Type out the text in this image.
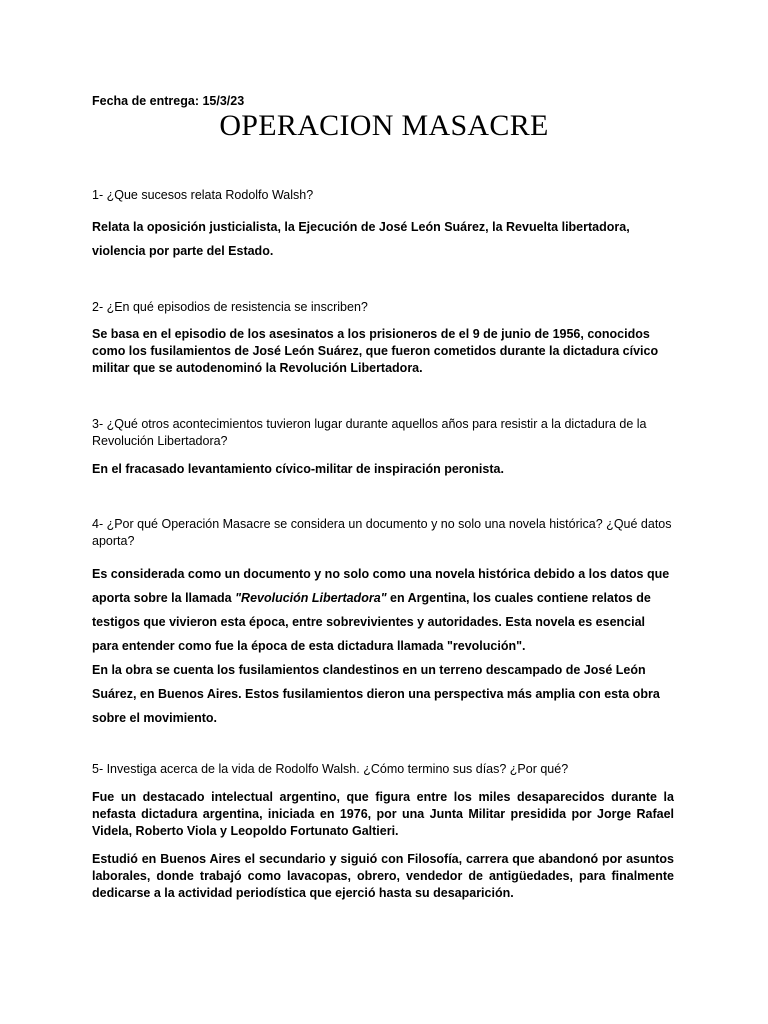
Fecha de entrega: 15/3/23

OPERACION MASACRE

1- ¿Que sucesos relata Rodolfo Walsh?

Relata la oposición justicialista, la Ejecución de José León Suárez, la Revuelta libertadora, violencia por parte del Estado.

2- ¿En qué episodios de resistencia se inscriben?

Se basa en el episodio de los asesinatos a los prisioneros de el 9 de junio de 1956, conocidos como los fusilamientos de José León Suárez, que fueron cometidos durante la dictadura cívico militar que se autodenominó la Revolución Libertadora.

3- ¿Qué otros acontecimientos tuvieron lugar durante aquellos años para resistir a la dictadura de la Revolución Libertadora?

En el fracasado levantamiento cívico-militar de inspiración peronista.

4- ¿Por qué Operación Masacre se considera un documento y no solo una novela histórica? ¿Qué datos aporta?

Es considerada como un documento y no solo como una novela histórica debido a los datos que aporta sobre la llamada "Revolución Libertadora" en Argentina, los cuales contiene relatos de testigos que vivieron esta época, entre sobrevivientes y autoridades. Esta novela es esencial para entender como fue la época de esta dictadura llamada "revolución".

En la obra se cuenta los fusilamientos clandestinos en un terreno descampado de José León Suárez, en Buenos Aires. Estos fusilamientos dieron una perspectiva más amplia con esta obra sobre el movimiento.

5- Investiga acerca de la vida de Rodolfo Walsh. ¿Cómo termino sus días? ¿Por qué?

Fue un destacado intelectual argentino, que figura entre los miles desaparecidos durante la nefasta dictadura argentina, iniciada en 1976, por una Junta Militar presidida por Jorge Rafael Videla, Roberto Viola y Leopoldo Fortunato Galtieri.

Estudió en Buenos Aires el secundario y siguió con Filosofía, carrera que abandonó por asuntos laborales, donde trabajó como lavacopas, obrero, vendedor de antigüedades, para finalmente dedicarse a la actividad periodística que ejerció hasta su desaparición.
